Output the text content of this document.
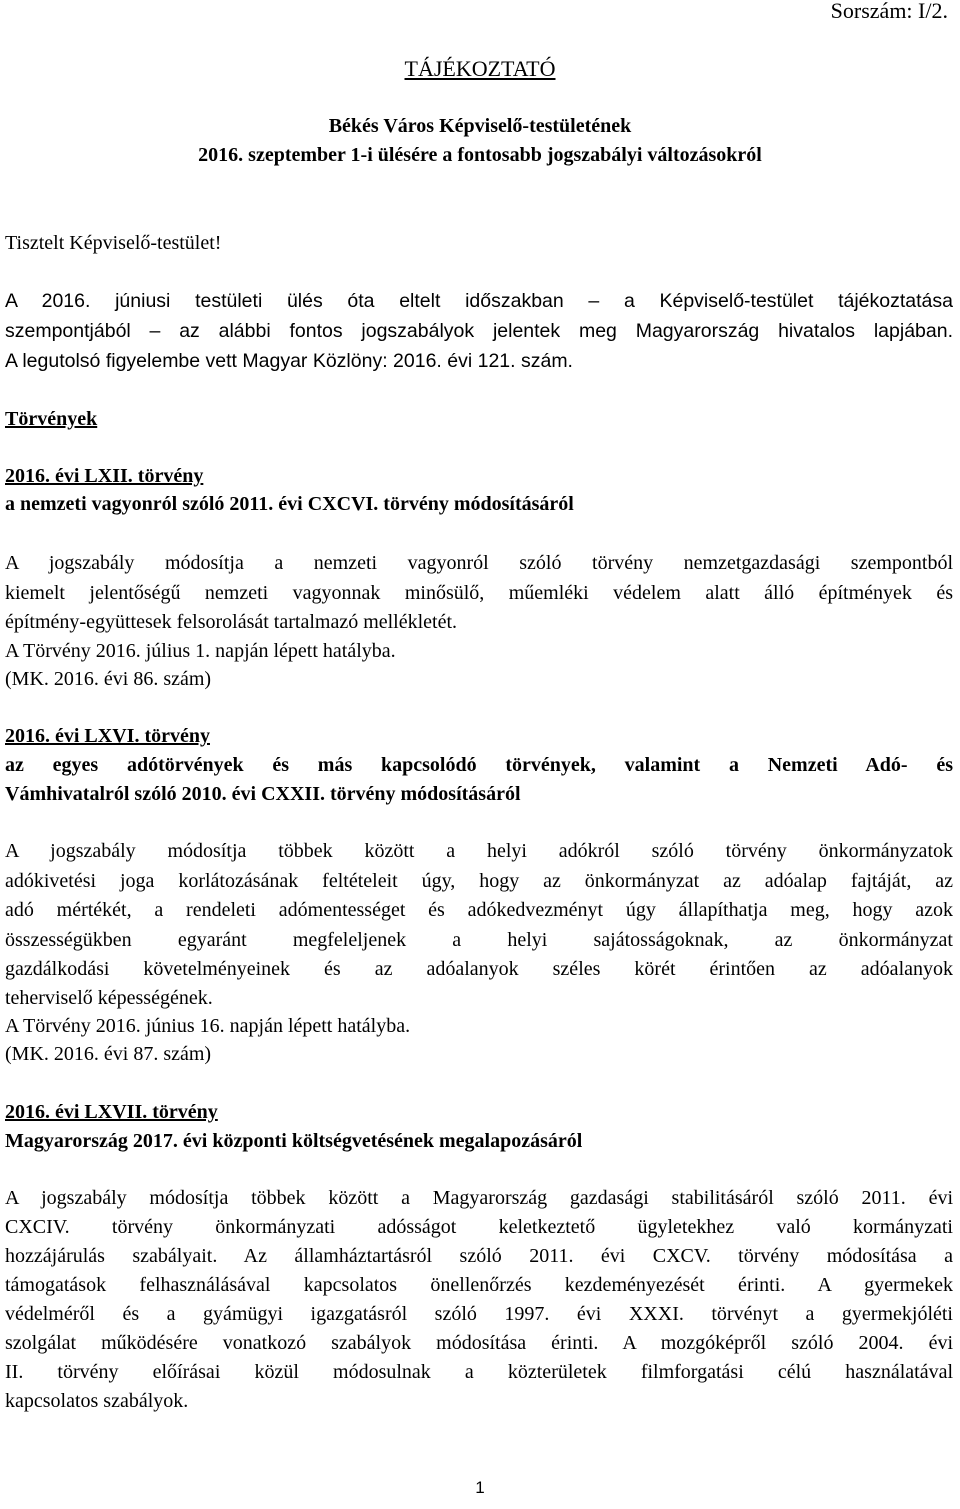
Sorszám: I/2.
TÁJÉKOZTATÓ
Békés Város Képviselő-testületének
2016. szeptember 1-i ülésére a fontosabb jogszabályi változásokról
Tisztelt Képviselő-testület!
A 2016. júniusi testületi ülés óta eltelt időszakban – a Képviselő-testület tájékoztatása
szempontjából – az alábbi fontos jogszabályok jelentek meg Magyarország hivatalos lapjában.
A legutolsó figyelembe vett Magyar Közlöny: 2016. évi 121. szám.
Törvények
2016. évi LXII. törvény
a nemzeti vagyonról szóló 2011. évi CXCVI. törvény módosításáról
A jogszabály módosítja a nemzeti vagyonról szóló törvény nemzetgazdasági szempontból
kiemelt jelentőségű nemzeti vagyonnak minősülő, műemléki védelem alatt álló építmények és
építmény-együttesek felsorolását tartalmazó mellékletét.
A Törvény 2016. július 1. napján lépett hatályba.
(MK. 2016. évi 86. szám)
2016. évi LXVI. törvény
az egyes adótörvények és más kapcsolódó törvények, valamint a Nemzeti Adó- és
Vámhivatalról szóló 2010. évi CXXII. törvény módosításáról
A jogszabály módosítja többek között a helyi adókról szóló törvény önkormányzatok
adókivetési joga korlátozásának feltételeit úgy, hogy az önkormányzat az adóalap fajtáját, az
adó mértékét, a rendeleti adómentességet és adókedvezményt úgy állapíthatja meg, hogy azok
összességükben egyaránt megfeleljenek a helyi sajátosságoknak, az önkormányzat
gazdálkodási követelményeinek és az adóalanyok széles körét érintően az adóalanyok
teherviselő képességének.
A Törvény 2016. június 16. napján lépett hatályba.
(MK. 2016. évi 87. szám)
2016. évi LXVII. törvény
Magyarország 2017. évi központi költségvetésének megalapozásáról
A jogszabály módosítja többek között a Magyarország gazdasági stabilitásáról szóló 2011. évi
CXCIV. törvény önkormányzati adósságot keletkeztető ügyletekhez való kormányzati
hozzájárulás szabályait. Az államháztartásról szóló 2011. évi CXCV. törvény módosítása a
támogatások felhasználásával kapcsolatos önellenőrzés kezdeményezését érinti. A gyermekek
védelméről és a gyámügyi igazgatásról szóló 1997. évi XXXI. törvényt a gyermekjóléti
szolgálat működésére vonatkozó szabályok módosítása érinti. A mozgóképről szóló 2004. évi
II. törvény előírásai közül módosulnak a közterületek filmforgatási célú használatával
kapcsolatos szabályok.
1
